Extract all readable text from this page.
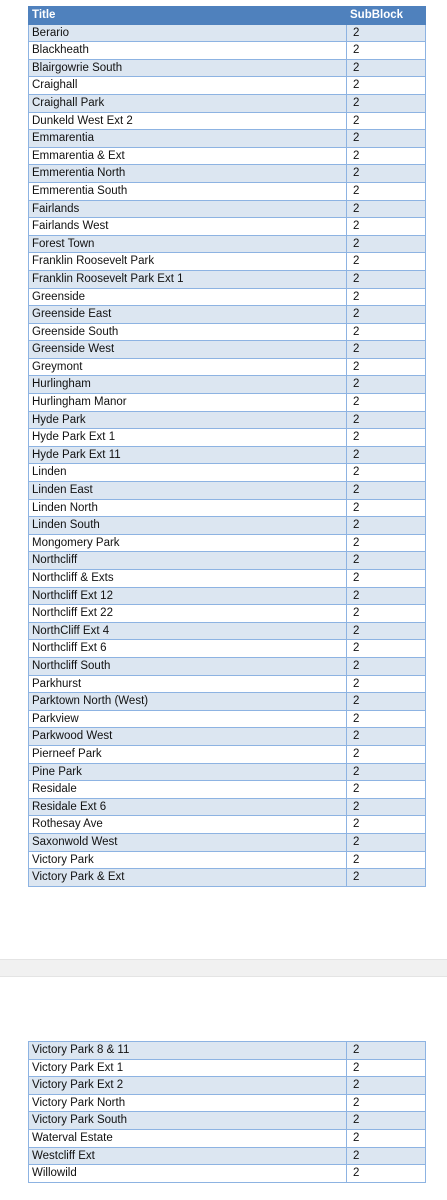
Title	SubBlock
Berario	2
Blackheath	2
Blairgowrie South	2
Craighall	2
Craighall Park	2
Dunkeld West Ext 2	2
Emmarentia	2
Emmarentia & Ext	2
Emmerentia North	2
Emmerentia South	2
Fairlands	2
Fairlands West	2
Forest Town	2
Franklin Roosevelt Park	2
Franklin Roosevelt Park Ext 1	2
Greenside	2
Greenside East	2
Greenside South	2
Greenside West	2
Greymont	2
Hurlingham	2
Hurlingham Manor	2
Hyde Park	2
Hyde Park Ext 1	2
Hyde Park Ext 11	2
Linden	2
Linden East	2
Linden North	2
Linden South	2
Mongomery Park	2
Northcliff	2
Northcliff & Exts	2
Northcliff Ext 12	2
Northcliff Ext 22	2
NorthCliff Ext 4	2
Northcliff Ext 6	2
Northcliff South	2
Parkhurst	2
Parktown North (West)	2
Parkview	2
Parkwood West	2
Pierneef Park	2
Pine Park	2
Residale	2
Residale Ext 6	2
Rothesay Ave	2
Saxonwold West	2
Victory Park	2
Victory Park & Ext	2
Victory Park 8 & 11	2
Victory Park Ext 1	2
Victory Park Ext 2	2
Victory Park North	2
Victory Park South	2
Waterval Estate	2
Westcliff Ext	2
Willowild	2
